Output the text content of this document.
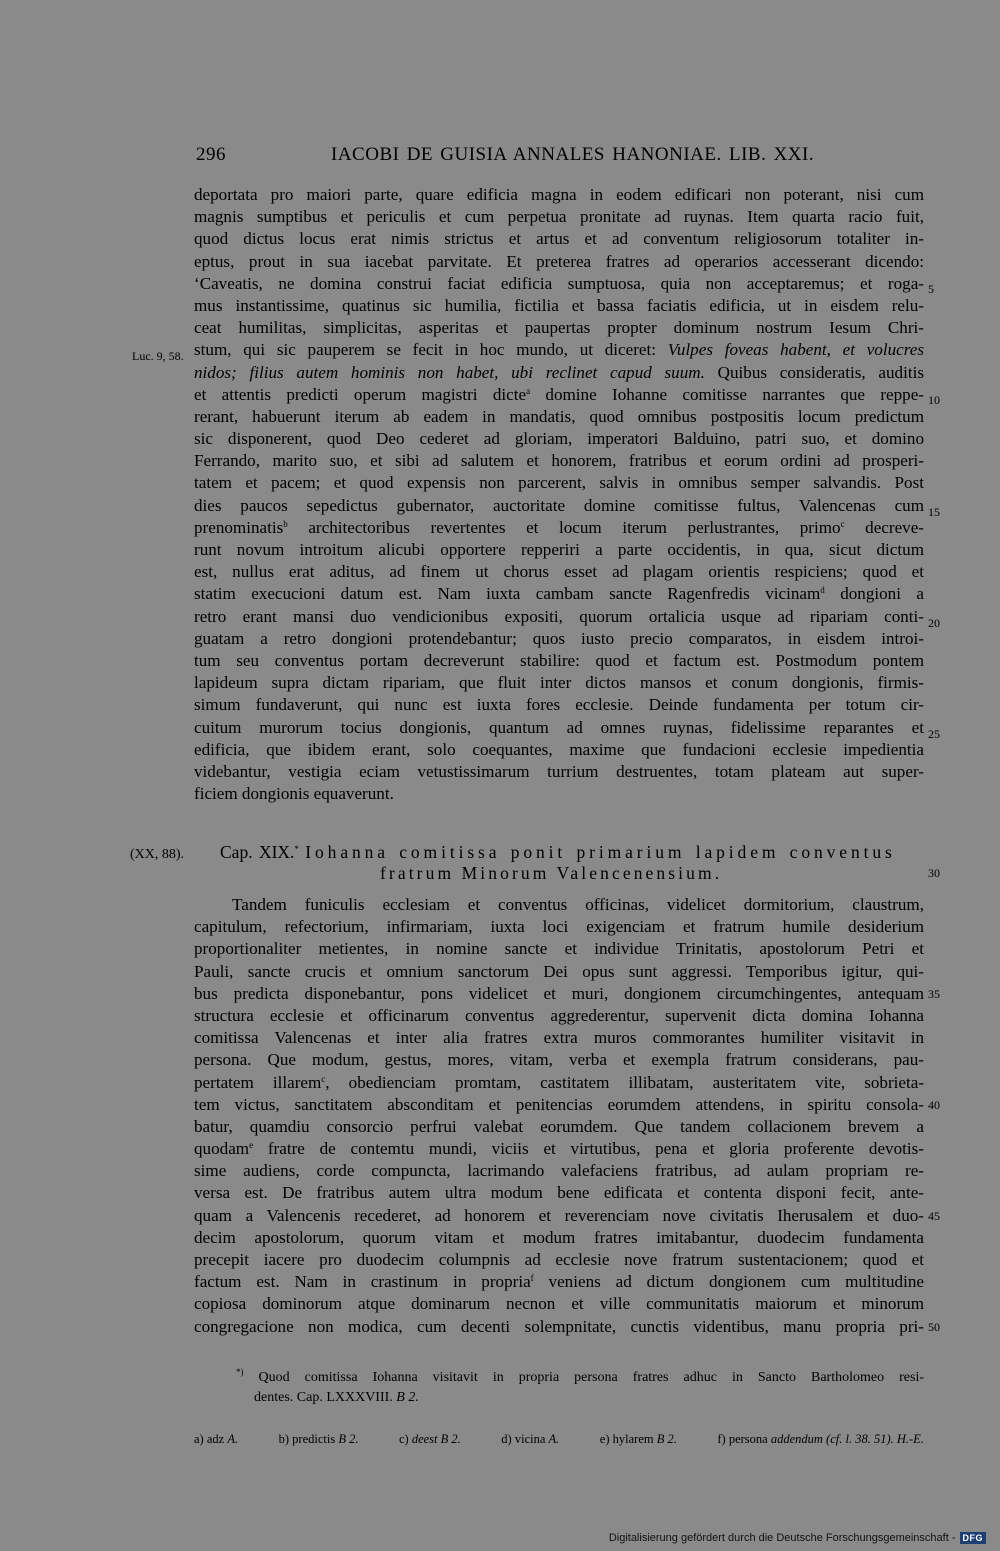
296	IACOBI DE GUISIA ANNALES HANONIAE. LIB. XXI.
deportata pro maiori parte, quare edificia magna in eodem edificari non poterant, nisi cum
magnis sumptibus et periculis et cum perpetua pronitate ad ruynas. Item quarta racio fuit,
quod dictus locus erat nimis strictus et artus et ad conventum religiosorum totaliter in-
eptus, prout in sua iacebat parvitate. Et preterea fratres ad operarios accesserant dicendo:
‘Caveatis, ne domina construi faciat edificia sumptuosa, quia non acceptaremus; et roga-
mus instantissime, quatinus sic humilia, fictilia et bassa faciatis edificia, ut in eisdem relu-
ceat humilitas, simplicitas, asperitas et paupertas propter dominum nostrum Iesum Chri-
stum, qui sic pauperem se fecit in hoc mundo, ut diceret: Vulpes foveas habent, et volucres
nidos; filius autem hominis non habet, ubi reclinet capud suum. Quibus consideratis, auditis
et attentis predicti operum magistri dicte$^a$ domine Iohanne comitisse narrantes que reppe-
rerant, habuerunt iterum ab eadem in mandatis, quod omnibus postpositis locum predictum
sic disponerent, quod Deo cederet ad gloriam, imperatori Balduino, patri suo, et domino
Ferrando, marito suo, et sibi ad salutem et honorem, fratribus et eorum ordini ad prosperi-
tatem et pacem; et quod expensis non parcerent, salvis in omnibus semper salvandis. Post
dies paucos sepedictus gubernator, auctoritate domine comitisse fultus, Valencenas cum
prenominatis$^b$ architectoribus revertentes et locum iterum perlustrantes, primo$^c$ decreve-
runt novum introitum alicubi opportere repperiri a parte occidentis, in qua, sicut dictum
est, nullus erat aditus, ad finem ut chorus esset ad plagam orientis respiciens; quod et
statim execucioni datum est. Nam iuxta cambam sancte Ragenfredis vicinam$^d$ dongioni a
retro erant mansi duo vendicionibus expositi, quorum ortalicia usque ad ripariam conti-
guatam a retro dongioni protendebantur; quos iusto precio comparatos, in eisdem introi-
tum seu conventus portam decreverunt stabilire: quod et factum est. Postmodum pontem
lapideum supra dictam ripariam, que fluit inter dictos mansos et conum dongionis, firmis-
simum fundaverunt, qui nunc est iuxta fores ecclesie. Deinde fundamenta per totum cir-
cuitum murorum tocius dongionis, quantum ad omnes ruynas, fidelissime reparantes et
edificia, que ibidem erant, solo coequantes, maxime que fundacioni ecclesie impedientia
videbantur, vestigia eciam vetustissimarum turrium destruentes, totam plateam aut super-
ficiem dongionis equaverunt.
Luc. 9, 58.
(XX, 88).
5
10
15
20
25
30
35
40
45
50
Cap. XIX.* Iohanna comitissa ponit primarium lapidem conventus
fratrum Minorum Valencenensium.
Tandem funiculis ecclesiam et conventus officinas, videlicet dormitorium, claustrum,
capitulum, refectorium, infirmariam, iuxta loci exigenciam et fratrum humile desiderium
proportionaliter metientes, in nomine sancte et individue Trinitatis, apostolorum Petri et
Pauli, sancte crucis et omnium sanctorum Dei opus sunt aggressi. Temporibus igitur, qui-
bus predicta disponebantur, pons videlicet et muri, dongionem circumchingentes, antequam
structura ecclesie et officinarum conventus aggrederentur, supervenit dicta domina Iohanna
comitissa Valencenas et inter alia fratres extra muros commorantes humiliter visitavit in
persona. Que modum, gestus, mores, vitam, verba et exempla fratrum considerans, pau-
pertatem illarem$^c$, obedienciam promtam, castitatem illibatam, austeritatem vite, sobrieta-
tem victus, sanctitatem absconditam et penitencias eorumdem attendens, in spiritu consola-
batur, quamdiu consorcio perfrui valebat eorumdem. Que tandem collacionem brevem a
quodam$^e$ fratre de contemtu mundi, viciis et virtutibus, pena et gloria proferente devotis-
sime audiens, corde compuncta, lacrimando valefaciens fratribus, ad aulam propriam re-
versa est. De fratribus autem ultra modum bene edificata et contenta disponi fecit, ante-
quam a Valencenis recederet, ad honorem et reverenciam nove civitatis Iherusalem et duo-
decim apostolorum, quorum vitam et modum fratres imitabantur, duodecim fundamenta
precepit iacere pro duodecim columpnis ad ecclesie nove fratrum sustentacionem; quod et
factum est. Nam in crastinum in propria$^f$ veniens ad dictum dongionem cum multitudine
copiosa dominorum atque dominarum necnon et ville communitatis maiorum et minorum
congregacione non modica, cum decenti solempnitate, cunctis videntibus, manu propria pri-
*) Quod comitissa Iohanna visitavit in propria persona fratres adhuc in Sancto Bartholomeo resi-
dentes. Cap. LXXXVIII. B 2.
a) adz A.	b) predictis B 2.	c) deest B 2.	d) vicina A.	e) hylarem B 2.	f) persona addendum (cf. l. 38. 51). H.-E.
Digitalisierung gefördert durch die Deutsche Forschungsgemeinschaft - DFG
